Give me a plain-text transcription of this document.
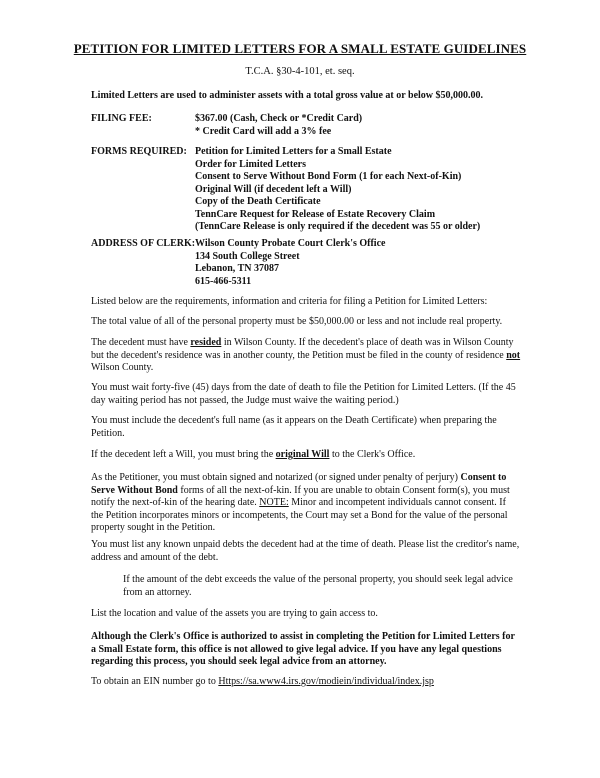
PETITION FOR LIMITED LETTERS FOR A SMALL ESTATE GUIDELINES
T.C.A. §30-4-101, et. seq.
Limited Letters are used to administer assets with a total gross value at or below $50,000.00.
FILING FEE:	$367.00 (Cash, Check or *Credit Card)
* Credit Card will add a 3% fee
FORMS REQUIRED: Petition for Limited Letters for a Small Estate
Order for Limited Letters
Consent to Serve Without Bond Form (1 for each Next-of-Kin)
Original Will (if decedent left a Will)
Copy of the Death Certificate
TennCare Request for Release of Estate Recovery Claim
(TennCare Release is only required if the decedent was 55 or older)
ADDRESS OF CLERK: Wilson County Probate Court Clerk's Office
134 South College Street
Lebanon, TN 37087
615-466-5311
Listed below are the requirements, information and criteria for filing a Petition for Limited Letters:
The total value of all of the personal property must be $50,000.00 or less and not include real property.
The decedent must have resided in Wilson County. If the decedent's place of death was in Wilson County
but the decedent's residence was in another county, the Petition must be filed in the county of residence not
Wilson County.
You must wait forty-five (45) days from the date of death to file the Petition for Limited Letters. (If the 45
day waiting period has not passed, the Judge must waive the waiting period.)
You must include the decedent's full name (as it appears on the Death Certificate) when preparing the
Petition.
If the decedent left a Will, you must bring the original Will to the Clerk's Office.
As the Petitioner, you must obtain signed and notarized (or signed under penalty of perjury) Consent to
Serve Without Bond forms of all the next-of-kin. If you are unable to obtain Consent form(s), you must
notify the next-of-kin of the hearing date. NOTE: Minor and incompetent individuals cannot consent. If
the Petition incorporates minors or incompetents, the Court may set a Bond for the value of the personal
property sought in the Petition.
You must list any known unpaid debts the decedent had at the time of death. Please list the creditor's name,
address and amount of the debt.
If the amount of the debt exceeds the value of the personal property, you should seek legal advice
from an attorney.
List the location and value of the assets you are trying to gain access to.
Although the Clerk's Office is authorized to assist in completing the Petition for Limited Letters for
a Small Estate form, this office is not allowed to give legal advice. If you have any legal questions
regarding this process, you should seek legal advice from an attorney.
To obtain an EIN number go to Https://sa.www4.irs.gov/modiein/individual/index.jsp
